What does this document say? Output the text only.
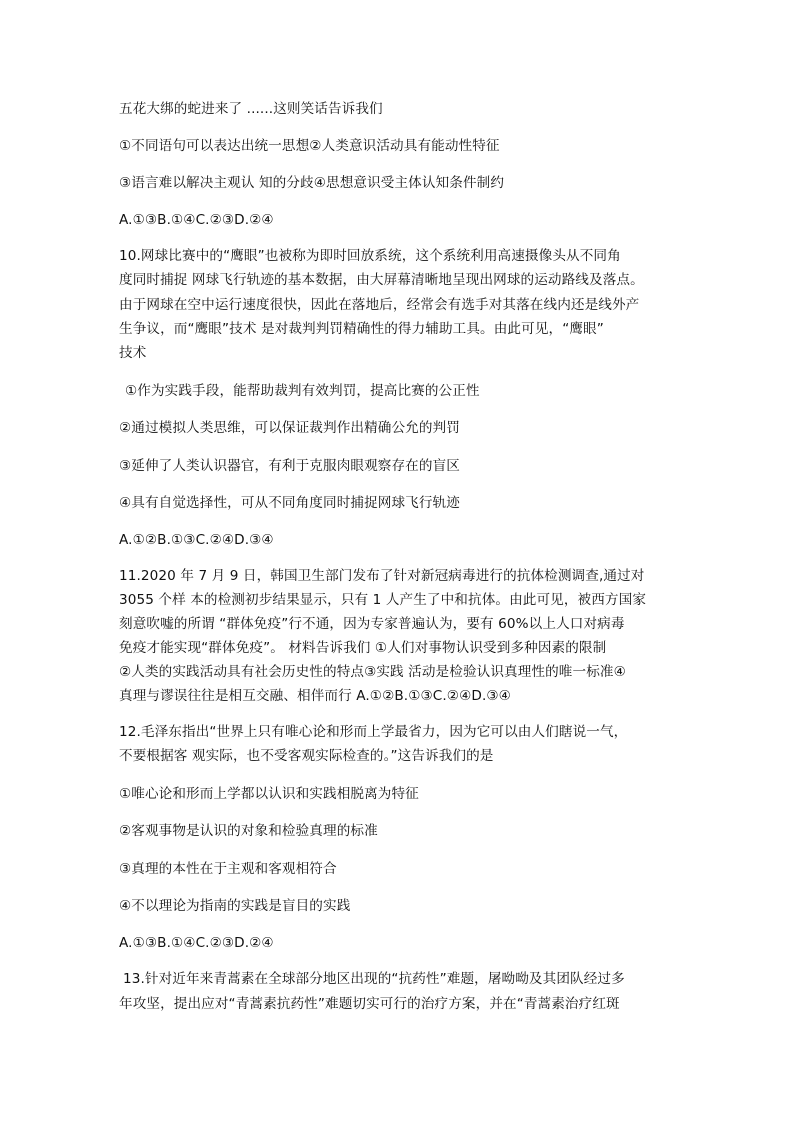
五花大绑的蛇进来了 ......这则笑话告诉我们
①不同语句可以表达出统一思想②人类意识活动具有能动性特征
③语言难以解决主观认 知的分歧④思想意识受主体认知条件制约
A.①③B.①④C.②③D.②④
10.网球比赛中的“鹰眼”也被称为即时回放系统，这个系统利用高速摄像头从不同角
度同时捕捉 网球飞行轨迹的基本数据，由大屏幕清晰地呈现出网球的运动路线及落点。
由于网球在空中运行速度很快，因此在落地后，经常会有选手对其落在线内还是线外产
生争议，而“鹰眼”技术 是对裁判判罚精确性的得力辅助工具。由此可见，“鹰眼”
技术
①作为实践手段，能帮助裁判有效判罚，提高比赛的公正性
②通过模拟人类思维，可以保证裁判作出精确公允的判罚
③延伸了人类认识器官，有利于克服肉眼观察存在的盲区
④具有自觉选择性，可从不同角度同时捕捉网球飞行轨迹
A.①②B.①③C.②④D.③④
11.2020 年 7 月 9 日，韩国卫生部门发布了针对新冠病毒进行的抗体检测调查,通过对
3055 个样 本的检测初步结果显示，只有 1 人产生了中和抗体。由此可见，被西方国家
刻意吹嘘的所谓 “群体免疫”行不通，因为专家普遍认为，要有 60%以上人口对病毒
免疫才能实现“群体免疫”。 材料告诉我们 ①人们对事物认识受到多种因素的限制
②人类的实践活动具有社会历史性的特点③实践 活动是检验认识真理性的唯一标准④
真理与谬误往往是相互交融、相伴而行 A.①②B.①③C.②④D.③④
12.毛泽东指出“世界上只有唯心论和形而上学最省力，因为它可以由人们瞎说一气，
不要根据客 观实际，也不受客观实际检查的。”这告诉我们的是
①唯心论和形而上学都以认识和实践相脱离为特征
②客观事物是认识的对象和检验真理的标准
③真理的本性在于主观和客观相符合
④不以理论为指南的实践是盲目的实践
A.①③B.①④C.②③D.②④
13.针对近年来青蒿素在全球部分地区出现的“抗药性”难题，屠呦呦及其团队经过多
年攻坚，提出应对“青蒿素抗药性”难题切实可行的治疗方案，并在“青蒿素治疗红斑
